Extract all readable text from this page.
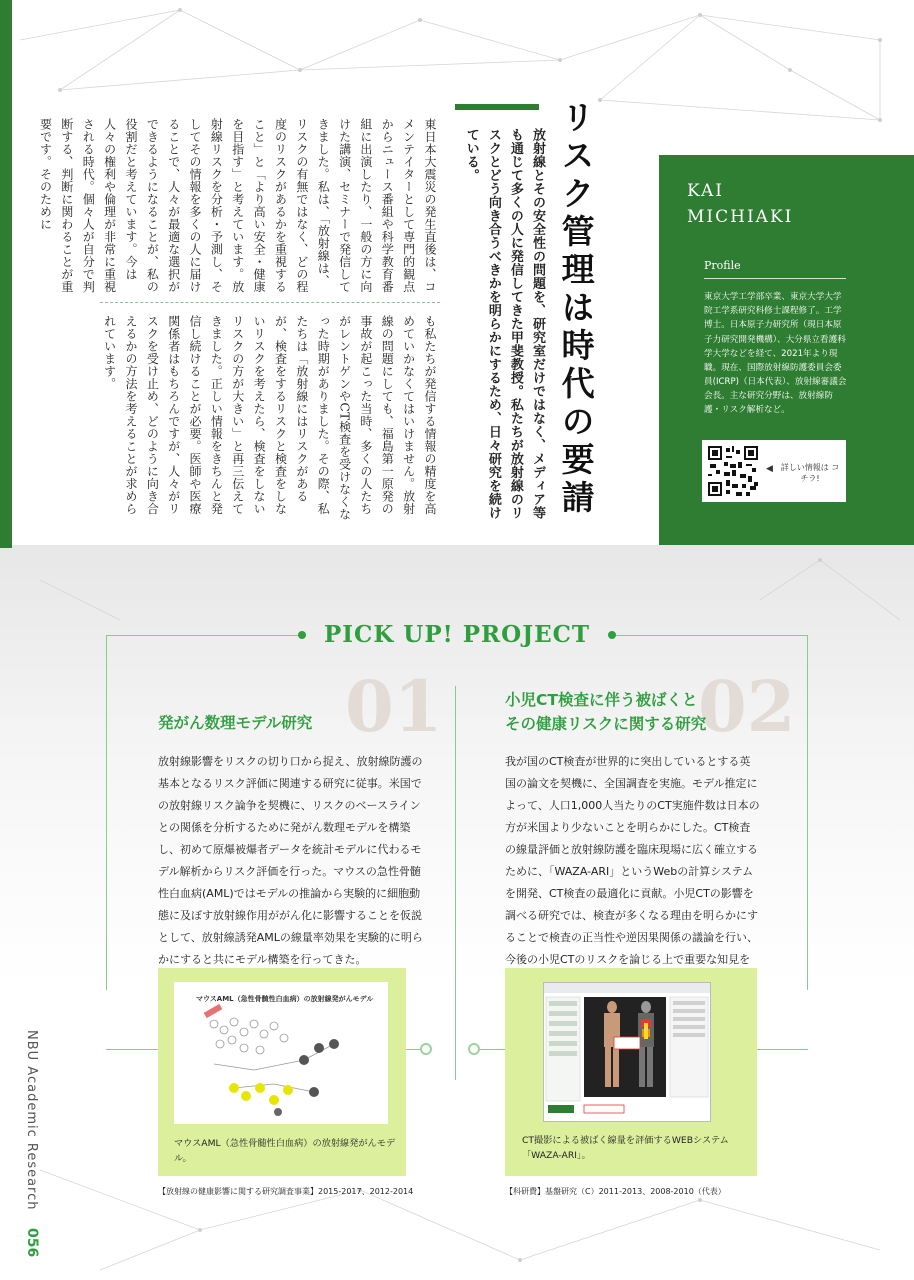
リスク管理は時代の要請
放射線とその安全性の問題を、研究室だけではなく、メディア等も通じて多くの人に発信してきた甲斐教授。私たちが放射線のリスクとどう向き合うべきかを明らかにするため、日々研究を続けている。
東日本大震災の発生直後は、コメンテイターとして専門的観点からニュース番組や科学教育番組に出演したり、一般の方に向けた講演、セミナーで発信してきました。私は、「放射線は、リスクの有無ではなく、どの程度のリスクがあるかを重視すること」と「より高い安全・健康を目指す」と考えています。放射線リスクを分析・予測し、そしてその情報を多くの人に届けることで、人々が最適な選択ができるようになることが、私の役割だと考えています。今は人々の権利や倫理が非常に重視される時代。個々人が自分で判断する、判断に関わることが重要です。そのために
も私たちが発信する情報の精度を高めていかなくてはいけません。放射線の問題にしても、福島第一原発の事故が起こった当時、多くの人たちがレントゲンやCT検査を受けなくなった時期がありました。その際、私たちは「放射線にはリスクがあるが、検査をするリスクと検査をしないリスクを考えたら、検査をしないリスクの方が大きい」と再三伝えてきました。正しい情報をきちんと発信し続けることが必要。医師や医療関係者はもちろんですが、人々がリスクを受け止め、どのように向き合えるかの方法を考えることが求められています。
KAI
MICHIAKI
Profile
東京大学工学部卒業、東京大学大学院工学系研究科修士課程修了。工学博士。日本原子力研究所（現日本原子力研究開発機構）、大分県立看護科学大学などを経て、2021年より現職。現在、国際放射線防護委員会委員(ICRP)（日本代表）、放射線審議会会長。主な研究分野は、放射線防護・リスク解析など。
◀ 詳しい情報は コチラ!
PICK UP! PROJECT
01
発がん数理モデル研究
放射線影響をリスクの切り口から捉え、放射線防護の基本となるリスク評価に関連する研究に従事。米国での放射線リスク論争を契機に、リスクのベースラインとの関係を分析するために発がん数理モデルを構築し、初めて原爆被爆者データを統計モデルに代わるモデル解析からリスク評価を行った。マウスの急性骨髄性白血病(AML)ではモデルの推論から実験的に細胞動態に及ぼす放射線作用ががん化に影響することを仮説として、放射線誘発AMLの線量率効果を実験的に明らかにすると共にモデル構築を行ってきた。
マウスAML（急性骨髄性白血病）の放射線発がんモデル
マウスAML（急性骨髄性白血病）の放射線発がんモデル。
【放射線の健康影響に関する研究調査事業】2015-2017、2012-2014
02
小児CT検査に伴う被ばくと
その健康リスクに関する研究
我が国のCT検査が世界的に突出しているとする英国の論文を契機に、全国調査を実施。モデル推定によって、人口1,000人当たりのCT実施件数は日本の方が米国より少ないことを明らかにした。CT検査の線量評価と放射線防護を臨床現場に広く確立するために、「WAZA-ARI」というWebの計算システムを開発、CT検査の最適化に貢献。小児CTの影響を調べる研究では、検査が多くなる理由を明らかにすることで検査の正当性や逆因果関係の議論を行い、今後の小児CTのリスクを論じる上で重要な知見を
CT撮影による被ばく線量を評価するWEBシステム
「WAZA-ARI」。
【科研費】基盤研究（C）2011-2013、2008-2010（代表）
NBU Academic Research
056
